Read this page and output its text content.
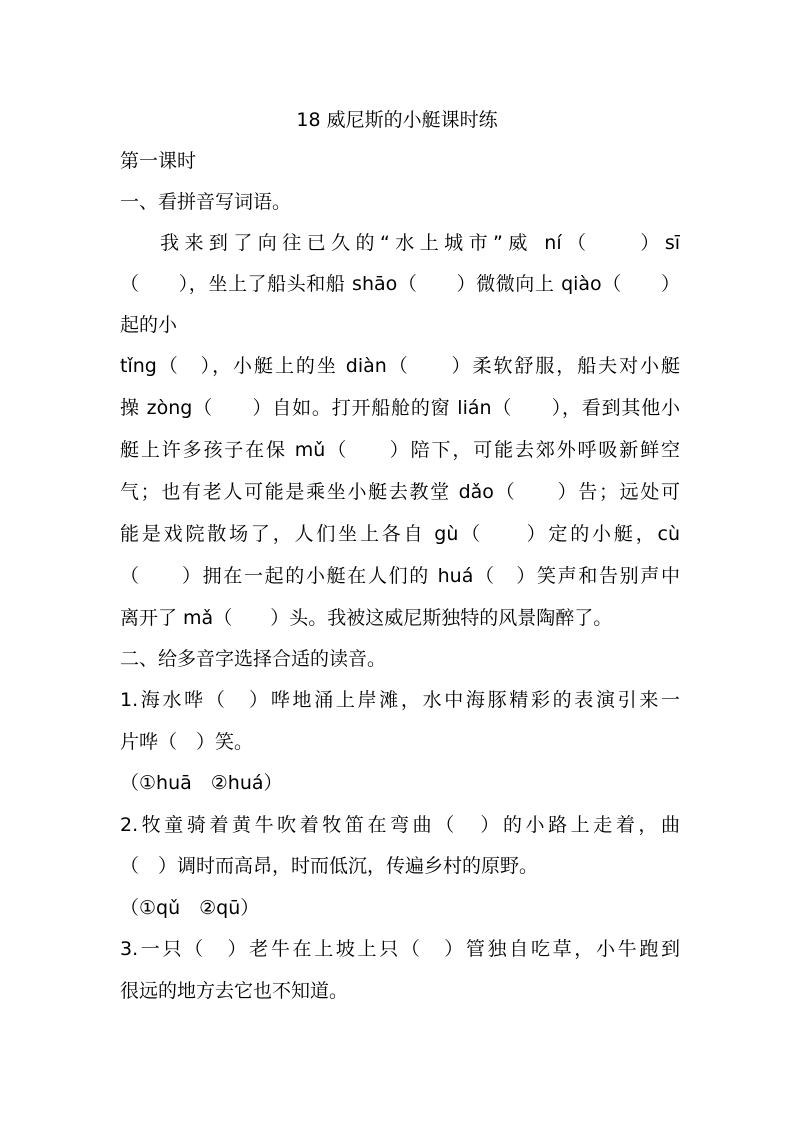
18 威尼斯的小艇课时练
第一课时
一、看拼音写词语。
我来到了向往已久的“水上城市”威 ní（　　）sī
（　　），坐上了船头和船 shāo（　　）微微向上 qiào（　　）
起的小
tǐng（　），小艇上的坐 diàn（　　）柔软舒服，船夫对小艇
操 zòng（　　）自如。打开船舱的窗 lián（　　），看到其他小
艇上许多孩子在保 mǔ（　　）陪下，可能去郊外呼吸新鲜空
气；也有老人可能是乘坐小艇去教堂 dǎo（　　）告；远处可
能是戏院散场了，人们坐上各自 gù（　　）定的小艇，cù
（　　）拥在一起的小艇在人们的 huá（　）笑声和告别声中
离开了 mǎ（　　）头。我被这威尼斯独特的风景陶醉了。
二、给多音字选择合适的读音。
1.海水哗（　）哗地涌上岸滩，水中海豚精彩的表演引来一
片哗（　）笑。
（①huā　②huá）
2.牧童骑着黄牛吹着牧笛在弯曲（　）的小路上走着，曲
（　）调时而高昂，时而低沉，传遍乡村的原野。
（①qǔ　②qū）
3.一只（　）老牛在上坡上只（　）管独自吃草，小牛跑到
很远的地方去它也不知道。
